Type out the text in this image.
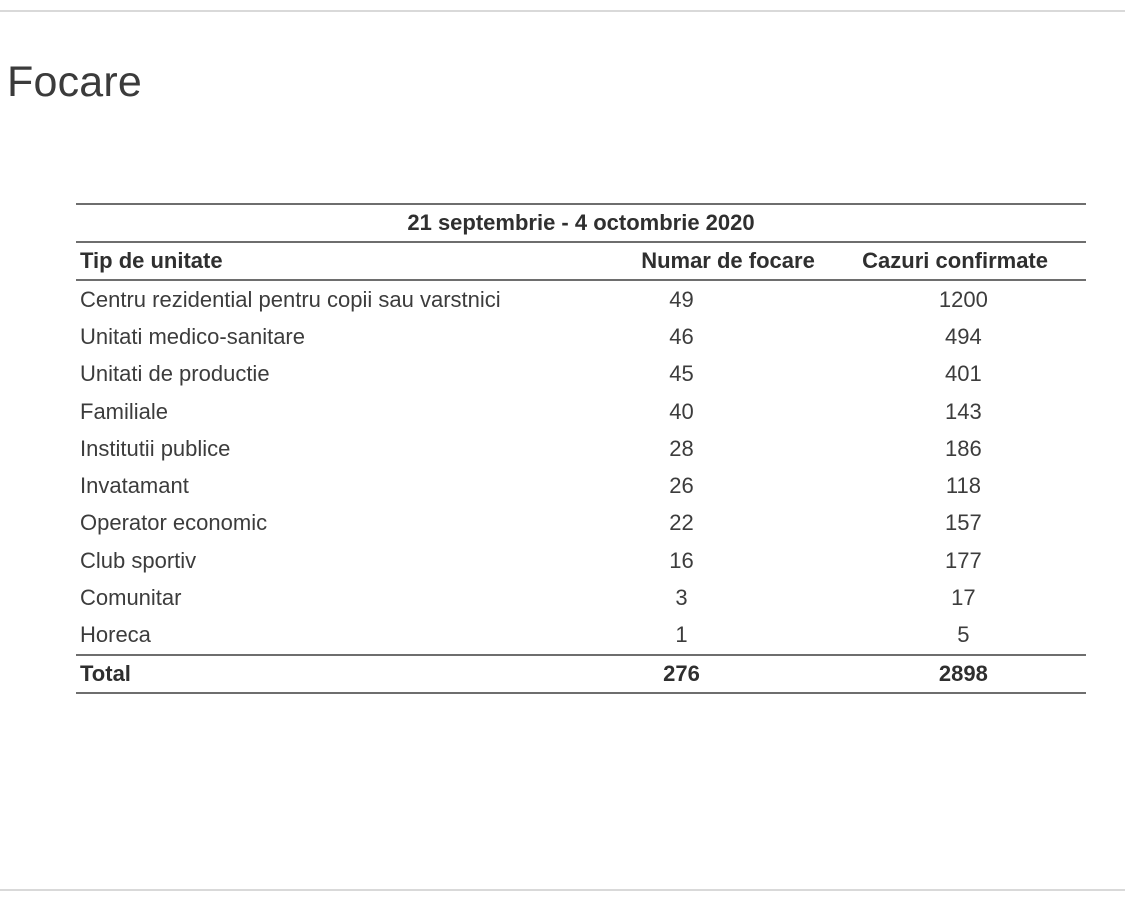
Focare
21 septembrie - 4 octombrie 2020		
Tip de unitate	Numar de focare	Cazuri confirmate
Centru rezidential pentru copii sau varstnici	49	1200
Unitati medico-sanitare	46	494
Unitati de productie	45	401
Familiale	40	143
Institutii publice	28	186
Invatamant	26	118
Operator economic	22	157
Club sportiv	16	177
Comunitar	3	17
Horeca	1	5
Total	276	2898
